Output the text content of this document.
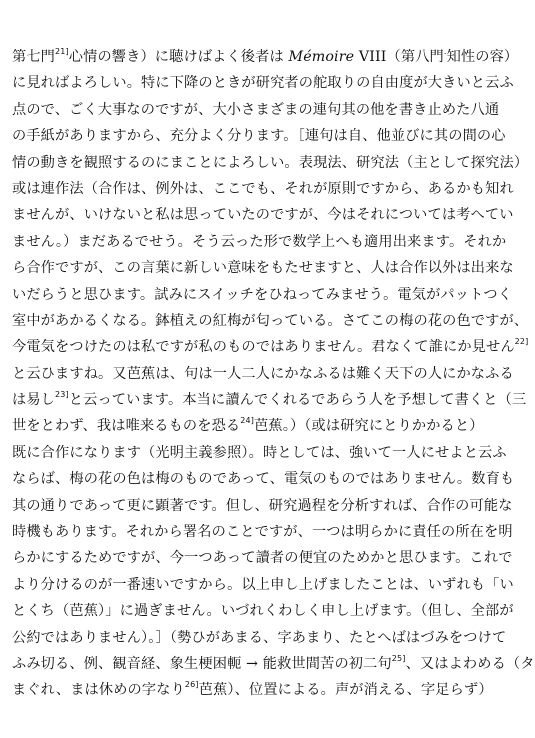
第七門$^{21]}$心情の響き）に聴けばよく後者は Mémoire VIII（第八門.知性の容）
に見ればよろしい。特に下降のときが研究者の舵取りの自由度が大きいと云ふ
点ので、ごく大事なのですが、大小さまざまの連句其の他を書き止めた八通
の手紙がありますから、充分よく分ります。［連句は自、他並びに其の間の心
情の動きを観照するのにまことによろしい。表現法、研究法（主として探究法）
或は連作法（合作は、例外は、ここでも、それが原則ですから、あるかも知れ
ませんが、いけないと私は思っていたのですが、今はそれについては考へてい
ません。）まだあるでせう。そう云った形で数学上へも適用出来ます。それか
ら合作ですが、この言葉に新しい意味をもたせますと、人は合作以外は出来な
いだらうと思ひます。試みにスイッチをひねってみませう。電気がパットつく
室中があかるくなる。鉢植えの紅梅が匂っている。さてこの梅の花の色ですが、
今電気をつけたのは私ですが私のものではありません。君なくて誰にか見せん$^{22]}$
と云ひますね。又芭蕉は、句は一人二人にかなふるは難く天下の人にかなふる
は易し$^{23]}$と云っています。本当に讀んでくれるであらう人を予想して書くと（三
世をとわず、我は唯来るものを恐る$^{24]}$芭蕉。）（或は研究にとりかかると）
既に合作になります（光明主義参照）。時としては、強いて一人にせよと云ふ
ならば、梅の花の色は梅のものであって、電気のものではありません。数育も
其の通りであって更に顕著です。但し、研究過程を分析すれば、合作の可能な
時機もあります。それから署名のことですが、一つは明らかに責任の所在を明
らかにするためですが、今一つあって讀者の便宜のためかと思ひます。これで
より分けるのが一番速いですから。以上申し上げましたことは、いずれも「い
とくち（芭蕉）」に過ぎません。いづれくわしく申し上げます。（但し、全部が
公約ではありません）。］（勢ひがあまる、字あまり、たとへばはづみをつけて
ふみ切る、例、観音経、象生梗困軛 → 能救世間苦の初二句$^{25]}$、又はよわめる（タ
まぐれ、まは休めの字なり$^{26]}$芭蕉）、位置による。声が消える、字足らず）
